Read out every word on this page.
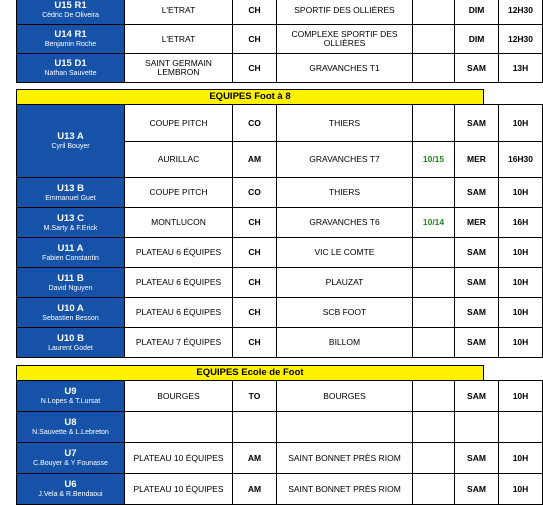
U15 R1
Cédric De Oliveira	L'ETRAT	CH	SPORTIF DES OLLIÈRES		DIM	12H30

U14 R1
Benjamin Roche	L'ETRAT	CH	COMPLEXE SPORTIF DES OLLIÈRES		DIM	12H30

U15 D1
Nathan Sauvette	SAINT GERMAIN LEMBRON	CH	GRAVANCHES T1		SAM	13H
EQUIPES Foot à 8
U13 A
Cyril Bouyer	COUPE PITCH	CO	THIERS		SAM	10H
	AURILLAC	AM	GRAVANCHES T7	10/15	MER	16H30

U13 B
Emmanuel Guet	COUPE PITCH	CO	THIERS		SAM	10H

U13 C
M.Sarty & F.Erick	MONTLUCON	CH	GRAVANCHES T6	10/14	MER	16H

U11 A
Fabien Constantin	PLATEAU 6 ÉQUIPES	CH	VIC LE COMTE		SAM	10H

U11 B
David Nguyen	PLATEAU 6 ÉQUIPES	CH	PLAUZAT		SAM	10H

U10 A
Sebastien Besson	PLATEAU 6 ÉQUIPES	CH	SCB FOOT		SAM	10H

U10 B
Laurent Godet	PLATEAU 7 ÉQUIPES	CH	BILLOM		SAM	10H
EQUIPES Ecole de Foot
U9
N.Lopes & T.Lursat	BOURGES	TO	BOURGES		SAM	10H

U8
N.Sauvette & L.Lebreton						

U7
C.Bouyer & Y Founasse	PLATEAU 10 ÉQUIPES	AM	SAINT BONNET PRÈS RIOM		SAM	10H

U6
J.Vela & R.Bendaoui	PLATEAU 10 ÉQUIPES	AM	SAINT BONNET PRÈS RIOM		SAM	10H
